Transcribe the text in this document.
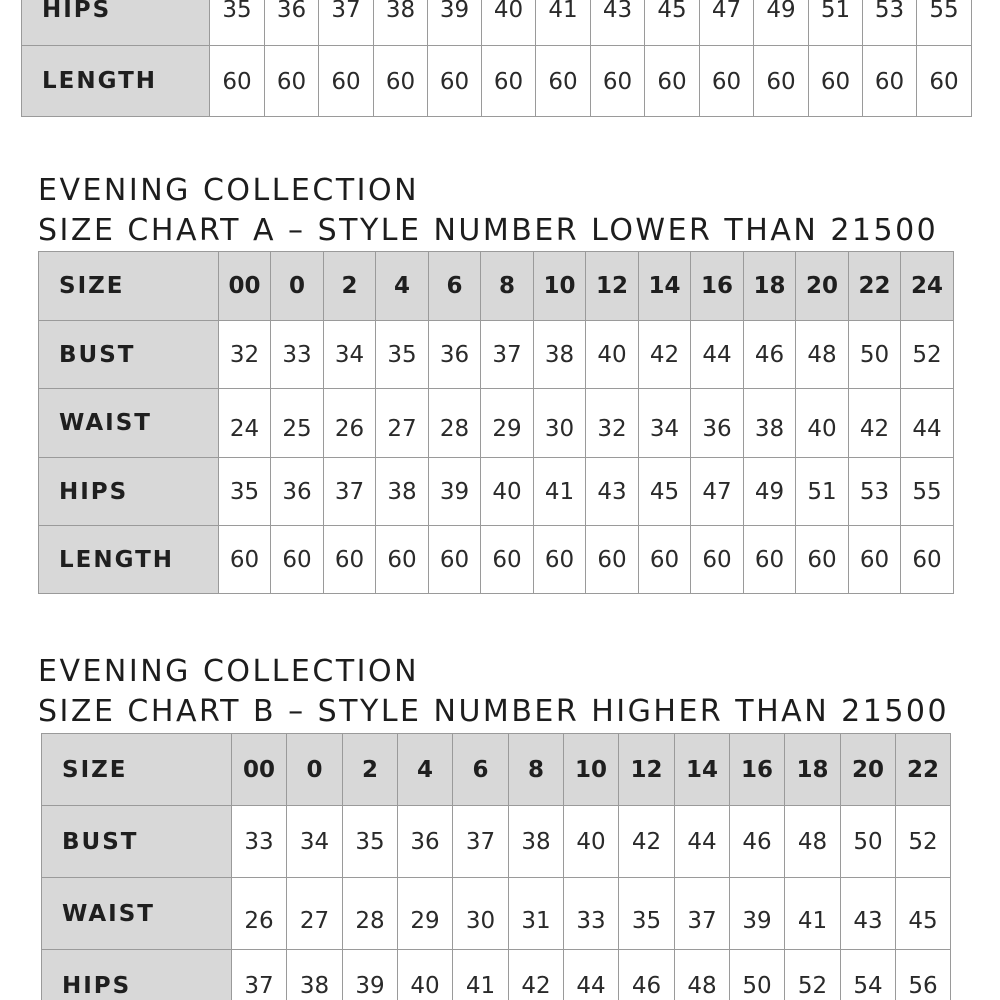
HIPS	35	36	37	38	39	40	41	43	45	47	49	51	53	55
LENGTH	60	60	60	60	60	60	60	60	60	60	60	60	60	60
EVENING COLLECTION
SIZE CHART A – STYLE NUMBER LOWER THAN 21500
SIZE	00	0	2	4	6	8	10	12	14	16	18	20	22	24
BUST	32	33	34	35	36	37	38	40	42	44	46	48	50	52
WAIST	24	25	26	27	28	29	30	32	34	36	38	40	42	44
HIPS	35	36	37	38	39	40	41	43	45	47	49	51	53	55
LENGTH	60	60	60	60	60	60	60	60	60	60	60	60	60	60
EVENING COLLECTION
SIZE CHART B – STYLE NUMBER HIGHER THAN 21500
SIZE	00	0	2	4	6	8	10	12	14	16	18	20	22
BUST	33	34	35	36	37	38	40	42	44	46	48	50	52
WAIST	26	27	28	29	30	31	33	35	37	39	41	43	45
HIPS	37	38	39	40	41	42	44	46	48	50	52	54	56
